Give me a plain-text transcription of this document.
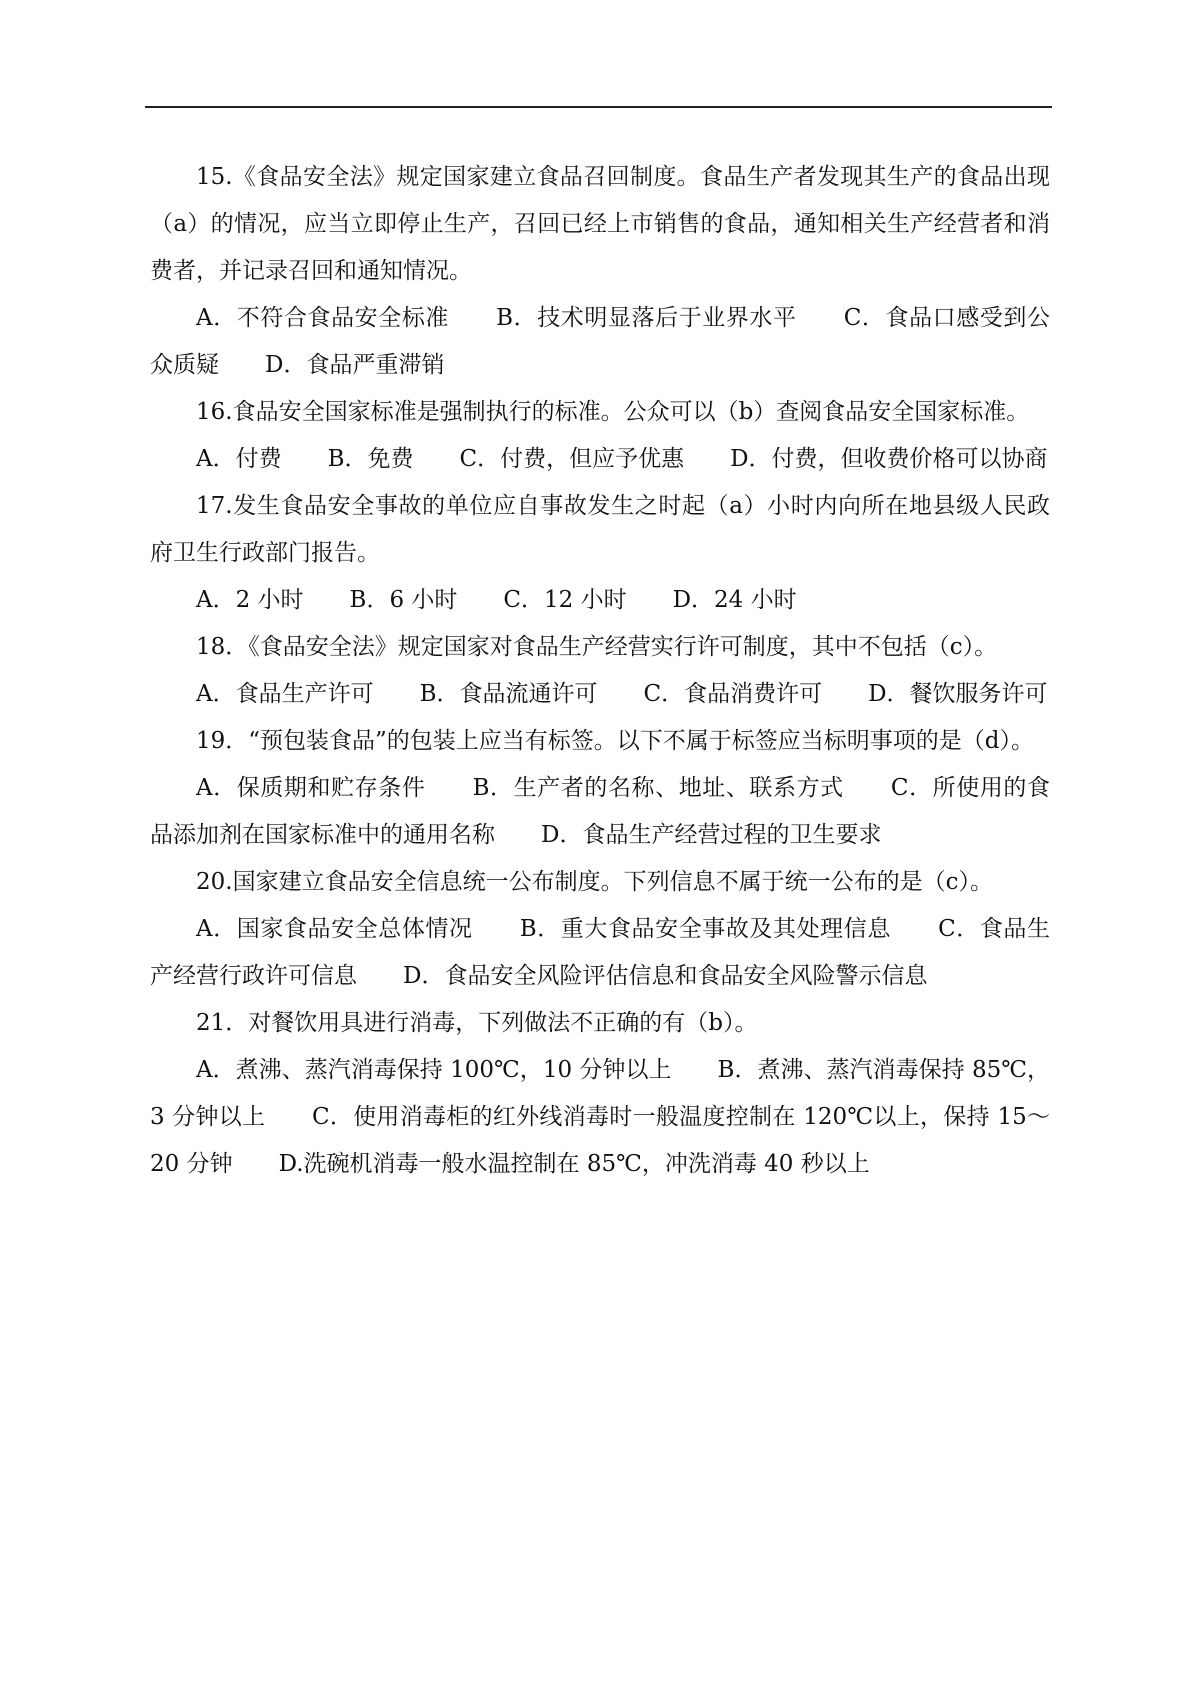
15.《食品安全法》规定国家建立食品召回制度。食品生产者发现其生产的食品出现（a）的情况，应当立即停止生产，召回已经上市销售的食品，通知相关生产经营者和消费者，并记录召回和通知情况。

A．不符合食品安全标准　　B．技术明显落后于业界水平　　C．食品口感受到公众质疑　　D．食品严重滞销

16.食品安全国家标准是强制执行的标准。公众可以（b）查阅食品安全国家标准。

A．付费　　B．免费　　C．付费，但应予优惠　　D．付费，但收费价格可以协商

17.发生食品安全事故的单位应自事故发生之时起（a）小时内向所在地县级人民政府卫生行政部门报告。

A．2 小时　　B．6 小时　　C．12 小时　　D．24 小时

18．《食品安全法》规定国家对食品生产经营实行许可制度，其中不包括（c）。

A．食品生产许可　　B．食品流通许可　　C．食品消费许可　　D．餐饮服务许可

19．“预包装食品”的包装上应当有标签。以下不属于标签应当标明事项的是（d）。

A．保质期和贮存条件　　B．生产者的名称、地址、联系方式　　C．所使用的食品添加剂在国家标准中的通用名称　　D．食品生产经营过程的卫生要求

20.国家建立食品安全信息统一公布制度。下列信息不属于统一公布的是（c）。

A．国家食品安全总体情况　　B．重大食品安全事故及其处理信息　　C．食品生产经营行政许可信息　　D．食品安全风险评估信息和食品安全风险警示信息

21．对餐饮用具进行消毒，下列做法不正确的有（b）。

A．煮沸、蒸汽消毒保持 100℃，10 分钟以上　　B．煮沸、蒸汽消毒保持 85℃，3 分钟以上　　C．使用消毒柜的红外线消毒时一般温度控制在 120℃以上，保持 15～20 分钟　　D.洗碗机消毒一般水温控制在 85℃，冲洗消毒 40 秒以上
